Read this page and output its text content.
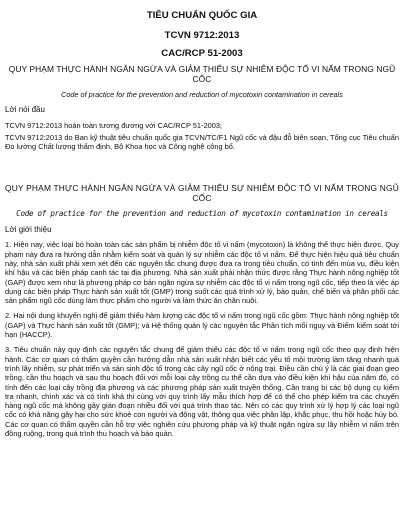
TIÊU CHUẨN QUỐC GIA
TCVN 9712:2013
CAC/RCP 51-2003
QUY PHẠM THỰC HÀNH NGĂN NGỪA VÀ GIẢM THIỂU SỰ NHIỄM ĐỘC TỐ VI NẤM TRONG NGŨ CỐC
Code of practice for the prevention and reduction of mycotoxin contamination in cereals
Lời nói đầu

TCVN 9712:2013 hoàn toàn tương đương với CAC/RCP 51-2003;

TCVN 9712:2013 do Ban kỹ thuật tiêu chuẩn quốc gia TCVN/TC/F1 Ngũ cốc và đậu đỗ biên soạn, Tổng cục Tiêu chuẩn Đo lường Chất lượng thẩm định, Bộ Khoa học và Công nghệ công bố.

QUY PHẠM THỰC HÀNH NGĂN NGỪA VÀ GIẢM THIỂU SỰ NHIỄM ĐỘC TỐ VI NẤM TRONG NGŨ CỐC
Code of practice for the prevention and reduction of mycotoxin contamination in cereals
Lời giới thiệu

1. Hiện nay, việc loại bỏ hoàn toàn các sản phẩm bị nhiễm độc tố vi nấm (mycotoxin) là không thể thực hiện được. Quy phạm này đưa ra hướng dẫn nhằm kiểm soát và quản lý sự nhiễm các độc tố vi nấm. Để thực hiện hiệu quả tiêu chuẩn này, nhà sản xuất phải xem xét đến các nguyên tắc chung được đưa ra trong tiêu chuẩn, có tính đến mùa vụ, điều kiện khí hậu và các biện pháp canh tác tại địa phương. Nhà sản xuất phải nhận thức được rằng Thực hành nông nghiệp tốt (GAP) được xem như là phương pháp cơ bản ngăn ngừa sự nhiễm các độc tố vi nấm trong ngũ cốc, tiếp theo là việc áp dụng các biện pháp Thực hành sản xuất tốt (GMP) trong suốt các quá trình xử lý, bảo quản, chế biến và phân phối các sản phẩm ngũ cốc dùng làm thực phẩm cho người và làm thức ăn chăn nuôi.

2. Hai nội dung khuyến nghị để giảm thiểu hàm lượng các độc tố vi nấm trong ngũ cốc gồm: Thực hành nông nghiệp tốt (GAP) và Thực hành sản xuất tốt (GMP); và Hệ thống quản lý các nguyên tắc Phân tích mối nguy và Điểm kiểm soát tới hạn (HACCP).

3. Tiêu chuẩn này quy định các nguyên tắc chung để giảm thiểu các độc tố vi nấm trong ngũ cốc theo quy định hiện hành. Các cơ quan có thẩm quyền cần hướng dẫn nhà sản xuất nhận biết các yếu tố môi trường làm tăng nhanh quá trình lây nhiễm, sự phát triển và sản sinh độc tố trong các cây ngũ cốc ở nông trại. Điều cần chú ý là các giai đoạn gieo trồng, cần thu hoạch và sau thu hoạch đối với mỗi loại cây trồng cụ thể cần dựa vào điều kiện khí hậu của năm đó, có tính đến các loại cây trồng địa phương và các phương pháp sản xuất truyền thống. Cần trang bị các bộ dụng cụ kiểm tra nhanh, chính xác và có tính khả thi cùng với quy trình lấy mẫu thích hợp để có thể cho phép kiểm tra các chuyến hàng ngũ cốc mà không gây gián đoạn nhiều đối với quá trình thao tác. Nên có các quy trình xử lý hợp lý các loại ngũ cốc có khả năng gây hại cho sức khoẻ con người và động vật, thông qua việc phân lập, khắc phục, thu hồi hoặc hủy bỏ. Các cơ quan có thẩm quyền cần hỗ trợ việc nghiên cứu phương pháp và kỹ thuật ngăn ngừa sự lây nhiễm vi nấm trên đồng ruộng, trong quá trình thu hoạch và bảo quản.
